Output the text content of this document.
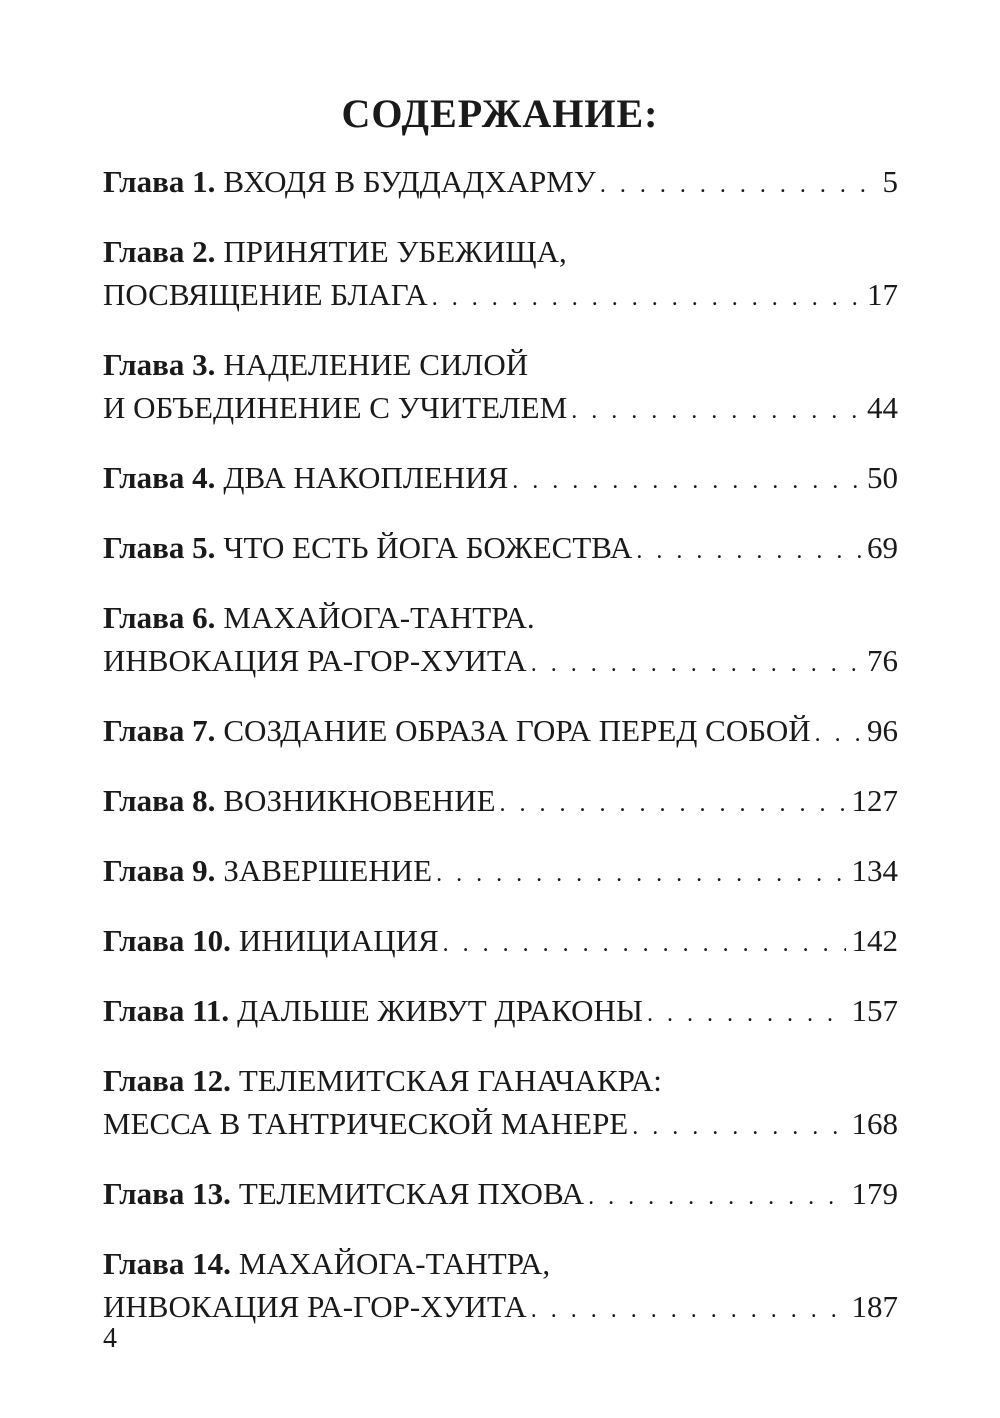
СОДЕРЖАНИЕ:
Глава 1. ВХОДЯ В БУДДАДХАРМУ . . .	5
Глава 2. ПРИНЯТИЕ УБЕЖИЩА,
ПОСВЯЩЕНИЕ БЛАГА . . .	17
Глава 3. НАДЕЛЕНИЕ СИЛОЙ
И ОБЪЕДИНЕНИЕ С УЧИТЕЛЕМ . . .	44
Глава 4. ДВА НАКОПЛЕНИЯ . . .	50
Глава 5. ЧТО ЕСТЬ ЙОГА БОЖЕСТВА . . .	69
Глава 6. МАХАЙОГА-ТАНТРА.
ИНВОКАЦИЯ РА-ГОР-ХУИТА . . .	76
Глава 7. СОЗДАНИЕ ОБРАЗА ГОРА ПЕРЕД СОБОЙ . . . 96
Глава 8. ВОЗНИКНОВЕНИЕ . . .	127
Глава 9. ЗАВЕРШЕНИЕ . . .	134
Глава 10. ИНИЦИАЦИЯ . . .	142
Глава 11. ДАЛЬШЕ ЖИВУТ ДРАКОНЫ . . .	157
Глава 12. ТЕЛЕМИТСКАЯ ГАНАЧАКРА:
МЕССА В ТАНТРИЧЕСКОЙ МАНЕРЕ . . .	168
Глава 13. ТЕЛЕМИТСКАЯ ПХОВА . . .	179
Глава 14. МАХАЙОГА-ТАНТРА,
ИНВОКАЦИЯ РА-ГОР-ХУИТА . . .	187
4
